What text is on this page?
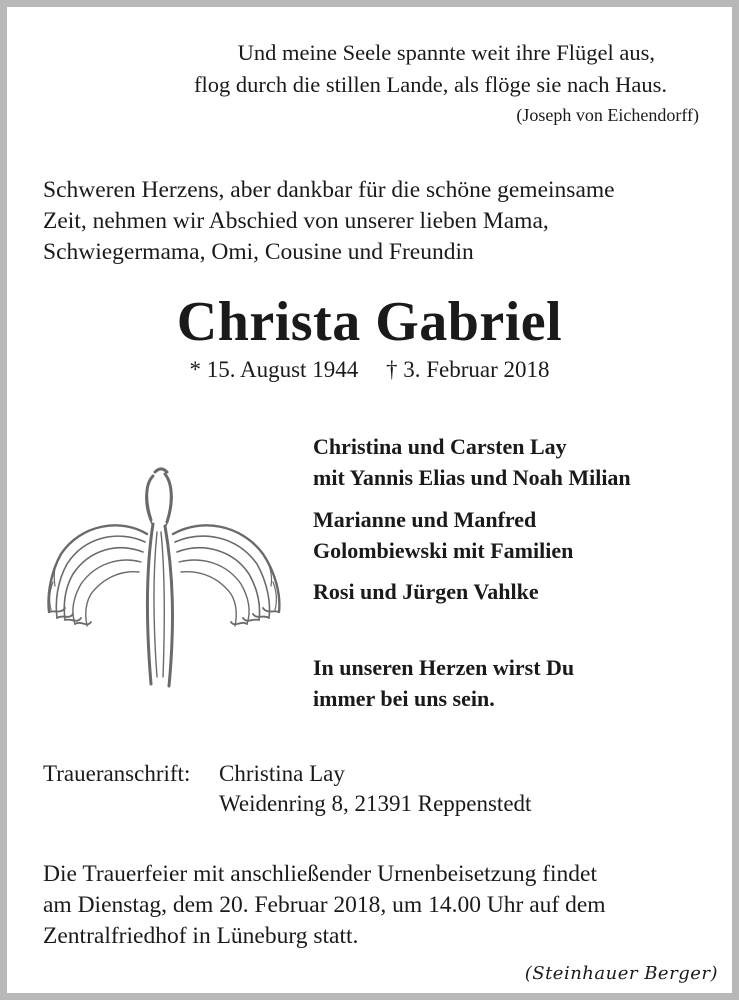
Und meine Seele spannte weit ihre Flügel aus,
flog durch die stillen Lande, als flöge sie nach Haus.
(Joseph von Eichendorff)
Schweren Herzens, aber dankbar für die schöne gemeinsame
Zeit, nehmen wir Abschied von unserer lieben Mama,
Schwiegermama, Omi, Cousine und Freundin
Christa Gabriel
* 15. August 1944 † 3. Februar 2018
Christina und Carsten Lay
mit Yannis Elias und Noah Milian
Marianne und Manfred
Golombiewski mit Familien
Rosi und Jürgen Vahlke
In unseren Herzen wirst Du
immer bei uns sein.
Traueranschrift: Christina Lay
Weidenring 8, 21391 Reppenstedt
Die Trauerfeier mit anschließender Urnenbeisetzung findet
am Dienstag, dem 20. Februar 2018, um 14.00 Uhr auf dem
Zentralfriedhof in Lüneburg statt.
(Steinhauer Berger)
